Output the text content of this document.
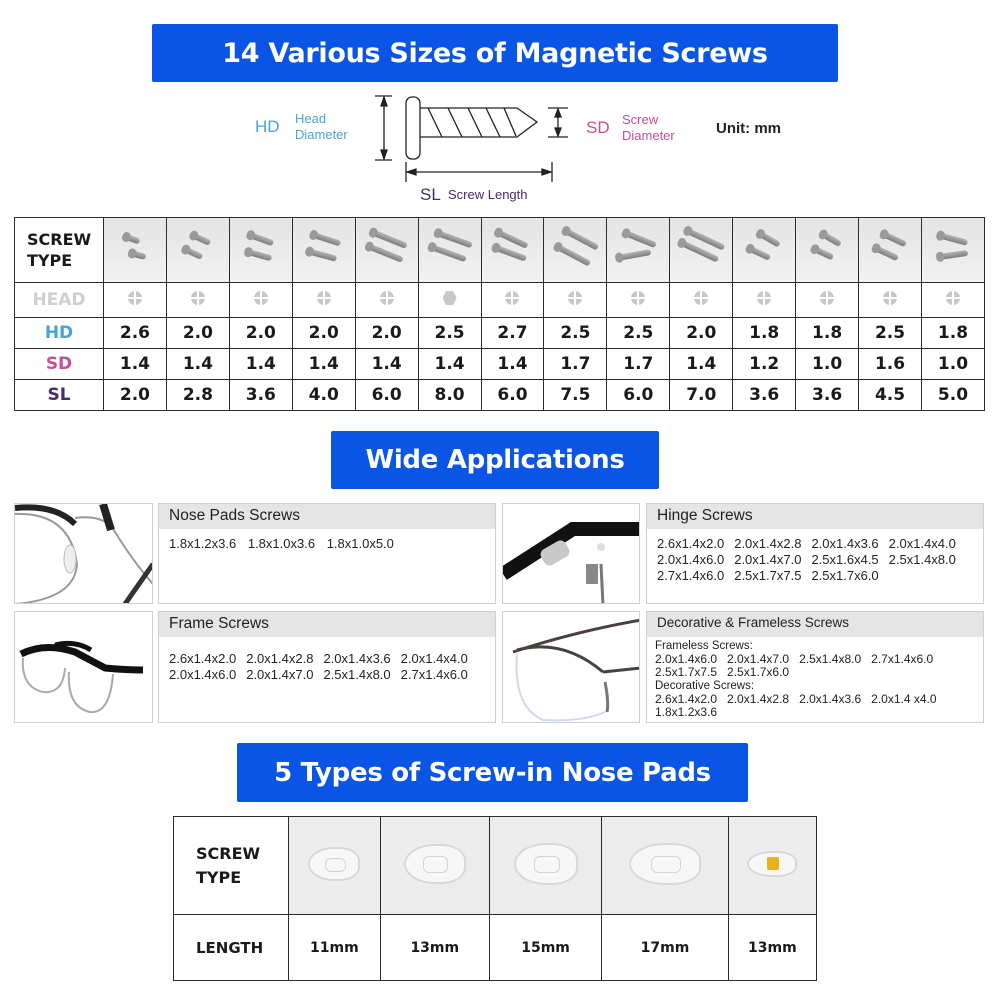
14 Various Sizes of Magnetic Screws
HD Head
Diameter	SD Screw
Diameter	Unit: mm
SL Screw Length
SCREW
TYPE														

HEAD														
HD	2.6	2.0	2.0	2.0	2.0	2.5	2.7	2.5	2.5	2.0	1.8	1.8	2.5	1.8
SD	1.4	1.4	1.4	1.4	1.4	1.4	1.4	1.7	1.7	1.4	1.2	1.0	1.6	1.0
SL	2.0	2.8	3.6	4.0	6.0	8.0	6.0	7.5	6.0	7.0	3.6	3.6	4.5	5.0
Wide Applications
Nose Pads Screws
1.8x1.2x3.6 1.8x1.0x3.6 1.8x1.0x5.0
Hinge Screws
2.6x1.4x2.0 2.0x1.4x2.8 2.0x1.4x3.6 2.0x1.4x4.0
2.0x1.4x6.0 2.0x1.4x7.0 2.5x1.6x4.5 2.5x1.4x8.0
2.7x1.4x6.0 2.5x1.7x7.5 2.5x1.7x6.0
Frame Screws
2.6x1.4x2.0 2.0x1.4x2.8 2.0x1.4x3.6 2.0x1.4x4.0
2.0x1.4x6.0 2.0x1.4x7.0 2.5x1.4x8.0 2.7x1.4x6.0
Decorative & Frameless Screws
Frameless Screws:
2.0x1.4x6.0 2.0x1.4x7.0 2.5x1.4x8.0 2.7x1.4x6.0
2.5x1.7x7.5 2.5x1.7x6.0
Decorative Screws:
2.6x1.4x2.0 2.0x1.4x2.8 2.0x1.4x3.6 2.0x1.4 x4.0
1.8x1.2x3.6
5 Types of Screw-in Nose Pads
SCREW
TYPE					

LENGTH	11mm	13mm	15mm	17mm	13mm
